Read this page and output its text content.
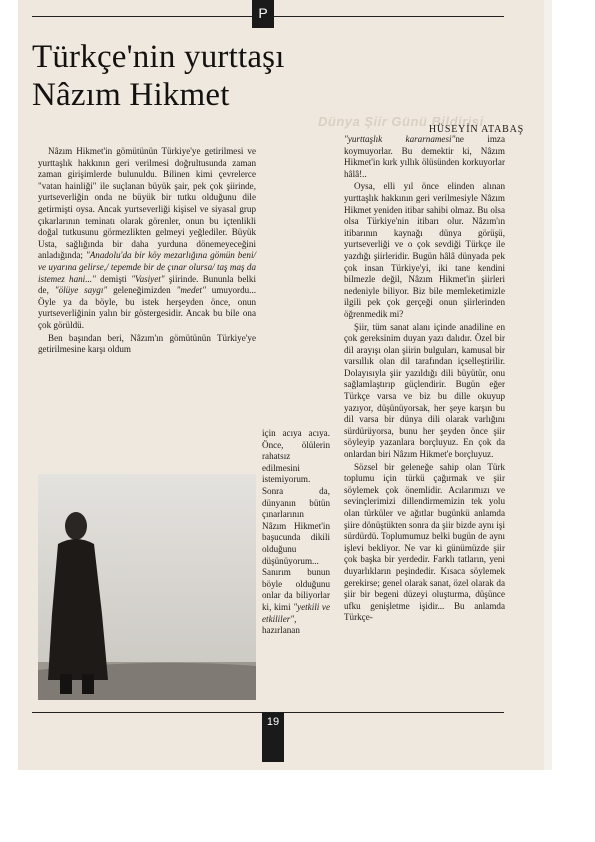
P
Türkçe'nin yurttaşı
Nâzım Hikmet
Dünya Şiir Günü Bildirisi
HÜSEYİN ATABAŞ

Nâzım Hikmet'in gömütünün Türkiye'ye getirilmesi ve yurttaşlık hakkının geri verilmesi doğrultusunda zaman zaman girişimlerde bulunuldu. Bilinen kimi çevrelerce "vatan hainliği" ile suçlanan büyük şair, pek çok şiirinde, yurtseverliğin onda ne büyük bir tutku olduğunu dile getirmişti oysa. Ancak yurtseverliği kişisel ve siyasal grup çıkarlarının teminatı olarak görenler, onun bu içtenlikli doğal tutkusunu görmezlikten gelmeyi yeğlediler. Büyük Usta, sağlığında bir daha yurduna dönemeyeceğini anladığında; "Anadolu'da bir köy mezarlığına gömün beni/ ve uyarına gelirse,/ tepemde bir de çınar olursa/ taş maş da istemez hani..." demişti "Vasiyet" şiirinde. Bununla belki de, "ölüye saygı" geleneğimizden "medet" umuyordu... Öyle ya da böyle, bu istek herşeyden önce, onun yurtseverliğinin yalın bir göstergesidir. Ancak bu bile ona çok görüldü.

Ben başından beri, Nâzım'ın gömütünün Türkiye'ye getirilmesine karşı oldum

için acıya acıya. Önce, ölülerin rahatsız edilmesini istemiyorum. Sonra da, dünyanın bütün çınarlarının Nâzım Hikmet'in başucunda dikili olduğunu düşünüyorum... Sanırım bunun böyle olduğunu onlar da biliyorlar ki, kimi "yetkili ve etkililer", hazırlanan

"yurttaşlık kararnamesi"ne imza koymuyorlar. Bu demektir ki, Nâzım Hikmet'in kırk yıllık ölüsünden korkuyorlar hâlâ!..

Oysa, elli yıl önce elinden alınan yurttaşlık hakkının geri verilmesiyle Nâzım Hikmet yeniden itibar sahibi olmaz. Bu olsa olsa Türkiye'nin itibarı olur. Nâzım'ın itibarının kaynağı dünya görüşü, yurtseverliği ve o çok sevdiği Türkçe ile yazdığı şiirleridir. Bugün hâlâ dünyada pek çok insan Türkiye'yi, iki tane kendini bilmezle değil, Nâzım Hikmet'in şiirleri nedeniyle biliyor. Biz bile memleketimizle ilgili pek çok gerçeği onun şiirlerinden öğrenmedik mi?

Şiir, tüm sanat alanı içinde anadiline en çok gereksinim duyan yazı dalıdır. Özel bir dil arayışı olan şiirin bulguları, kamusal bir varsıllık olan dil tarafından içselleştirilir. Dolayısıyla şiir yazıldığı dili büyütür, onu sağlamlaştırıp güçlendirir. Bugün eğer Türkçe varsa ve biz bu dille okuyup yazıyor, düşünüyorsak, her şeye karşın bu dil varsa bir dünya dili olarak varlığını sürdürüyorsa, bunu her şeyden önce şiir söyleyip yazanlara borçluyuz. En çok da onlardan biri Nâzım Hikmet'e borçluyuz.

Sözsel bir geleneğe sahip olan Türk toplumu için türkü çağırmak ve şiir söylemek çok önemlidir. Acılarımızı ve sevinçlerimizi dillendirmemizin tek yolu olan türküler ve ağıtlar bugünkü anlamda şiire dönüştükten sonra da şiir bizde aynı işi sürdürdü. Toplumumuz belki bugün de aynı işlevi bekliyor. Ne var ki günümüzde şiir çok başka bir yerdedir. Farklı tatların, yeni duyarlıkların peşindedir. Kısaca söylemek gerekirse; genel olarak sanat, özel olarak da şiir bir begeni düzeyi oluşturma, düşünce ufku genişletme işidir... Bu anlamda Türkçe-

19
